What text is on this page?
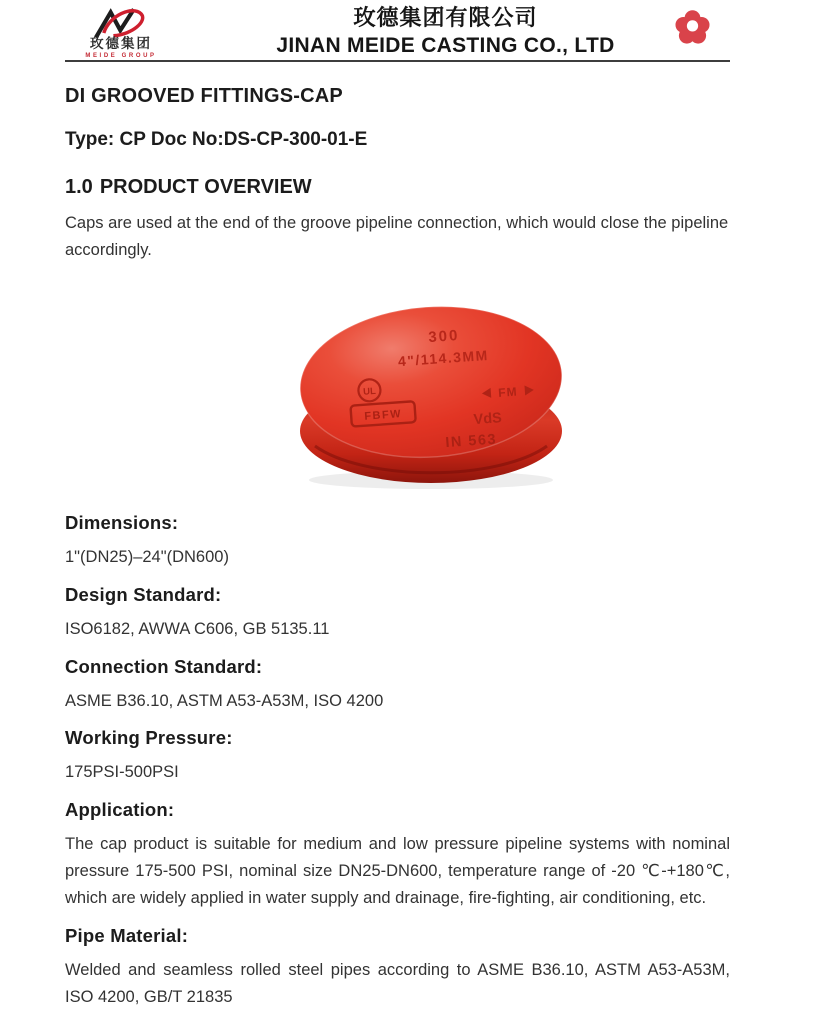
玫德集团
MEIDE GROUP
玫德集团有限公司
JINAN MEIDE CASTING CO., LTD
DI GROOVED FITTINGS-CAP
Type: CP Doc No:DS-CP-300-01-E
1.0 PRODUCT OVERVIEW

Caps are used at the end of the groove pipeline connection, which would close the pipeline accordingly.

300
4"/114.3MM
UL
FBFW
FM
VdS
IN 563
Dimensions:

1"(DN25)–24"(DN600)

Design Standard:

ISO6182, AWWA C606, GB 5135.11

Connection Standard:

ASME B36.10, ASTM A53-A53M, ISO 4200

Working Pressure:

175PSI-500PSI

Application:

The cap product is suitable for medium and low pressure pipeline systems with nominal pressure 175-500 PSI, nominal size DN25-DN600, temperature range of -20 ℃-+180℃, which are widely applied in water supply and drainage, fire-fighting, air conditioning, etc.

Pipe Material:

Welded and seamless rolled steel pipes according to ASME B36.10, ASTM A53-A53M, ISO 4200, GB/T 21835
